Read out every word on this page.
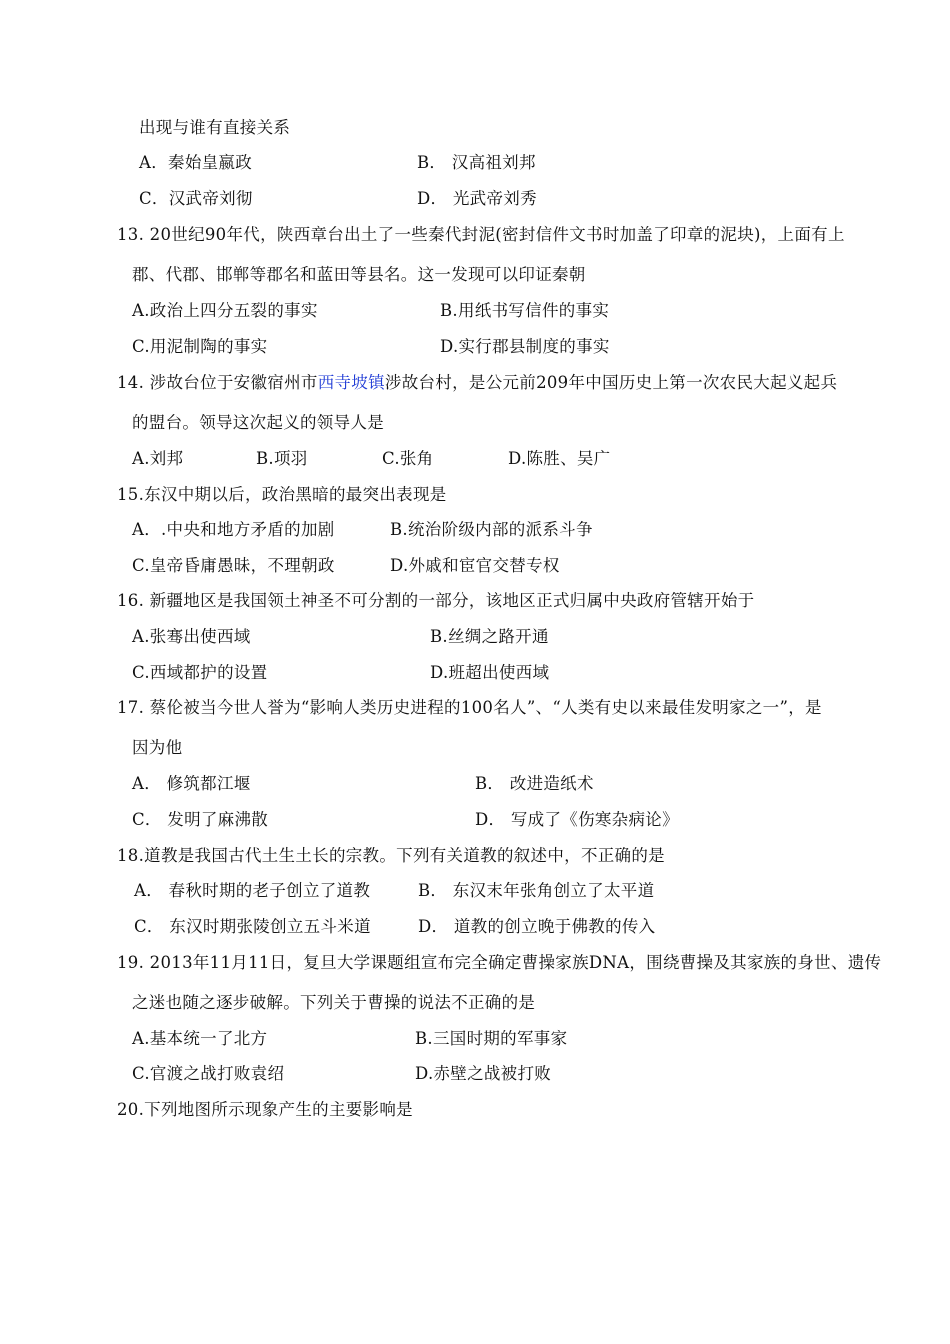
出现与谁有直接关系
A．秦始皇嬴政	B． 汉高祖刘邦
C．汉武帝刘彻	D． 光武帝刘秀
13. 20世纪90年代，陕西章台出土了一些秦代封泥(密封信件文书时加盖了印章的泥块)，上面有上
郡、代郡、邯郸等郡名和蓝田等县名。这一发现可以印证秦朝
A.政治上四分五裂的事实	B.用纸书写信件的事实
C.用泥制陶的事实	D.实行郡县制度的事实
14. 涉故台位于安徽宿州市西寺坡镇涉故台村，是公元前209年中国历史上第一次农民大起义起兵
的盟台。领导这次起义的领导人是
A.刘邦	B.项羽	C.张角	D.陈胜、吴广
15.东汉中期以后，政治黑暗的最突出表现是
A．.中央和地方矛盾的加剧	B.统治阶级内部的派系斗争
C.皇帝昏庸愚昧，不理朝政	D.外戚和宦官交替专权
16. 新疆地区是我国领土神圣不可分割的一部分，该地区正式归属中央政府管辖开始于
A.张骞出使西域	B.丝绸之路开通
C.西域都护的设置	D.班超出使西域
17. 蔡伦被当今世人誉为“影响人类历史进程的100名人”、“人类有史以来最佳发明家之一”，是
因为他
A． 修筑都江堰	B． 改进造纸术
C． 发明了麻沸散	D． 写成了《伤寒杂病论》
18.道教是我国古代土生土长的宗教。下列有关道教的叙述中，不正确的是
A． 春秋时期的老子创立了道教	B． 东汉末年张角创立了太平道
C． 东汉时期张陵创立五斗米道	D． 道教的创立晚于佛教的传入
19. 2013年11月11日，复旦大学课题组宣布完全确定曹操家族DNA，围绕曹操及其家族的身世、遗传
之迷也随之逐步破解。下列关于曹操的说法不正确的是
A.基本统一了北方	B.三国时期的军事家
C.官渡之战打败袁绍	D.赤壁之战被打败
20.下列地图所示现象产生的主要影响是
